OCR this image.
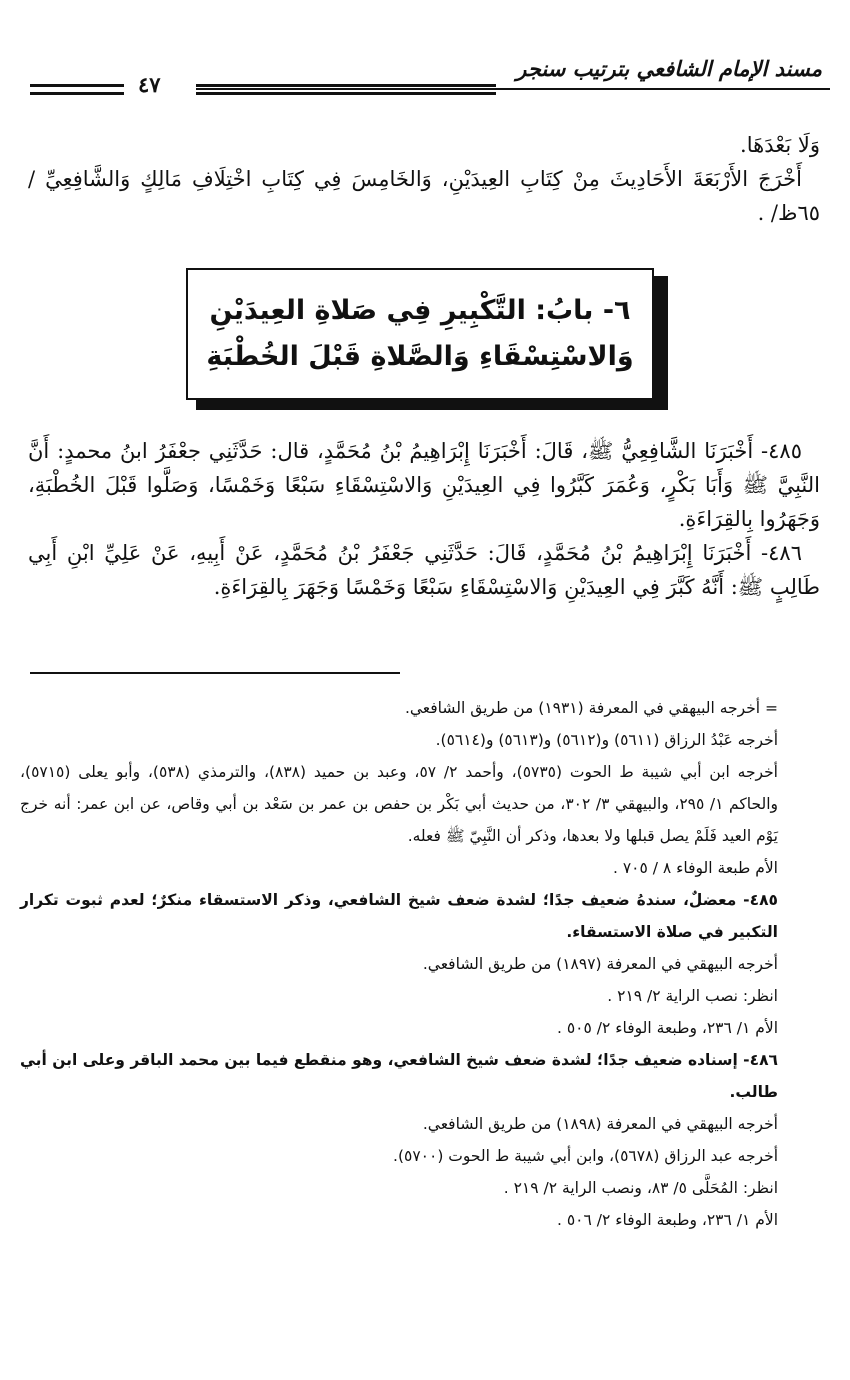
مسند الإمام الشافعي بترتيب سنجر
٤٧

وَلَا بَعْدَهَا.

أَخْرَجَ الأَرْبَعَةَ الأَحَادِيثَ مِنْ كِتَابِ العِيدَيْنِ، وَالخَامِسَ فِي كِتَابِ اخْتِلَافِ مَالِكٍ وَالشَّافِعِيِّ / ٦٥ظ/ .

٦- بابُ: التَّكْبِيرِ فِي صَلاةِ العِيدَيْنِ
وَالاسْتِسْقَاءِ وَالصَّلاةِ قَبْلَ الخُطْبَةِ

٤٨٥- أَخْبَرَنَا الشَّافِعِيُّ ﷺ، قَالَ: أَخْبَرَنَا إِبْرَاهِيمُ بْنُ مُحَمَّدٍ، قال: حَدَّثَنِي جعْفَرُ ابنُ محمدٍ: أَنَّ النَّبِيَّ ﷺ وَأَبَا بَكْرٍ، وَعُمَرَ كَبَّرُوا فِي العِيدَيْنِ وَالاسْتِسْقَاءِ سَبْعًا وَخَمْسًا، وَصَلَّوا قَبْلَ الخُطْبَةِ، وَجَهَرُوا بِالقِرَاءَةِ.

٤٨٦- أَخْبَرَنَا إِبْرَاهِيمُ بْنُ مُحَمَّدٍ، قَالَ: حَدَّثَنِي جَعْفَرُ بْنُ مُحَمَّدٍ، عَنْ أَبِيهِ، عَنْ عَلِيِّ ابْنِ أَبِي طَالِبٍ ﷺ: أَنَّهُ كَبَّرَ فِي العِيدَيْنِ وَالاسْتِسْقَاءِ سَبْعًا وَخَمْسًا وَجَهَرَ بِالقِرَاءَةِ.

= أخرجه البيهقي في المعرفة (١٩٣١) من طريق الشافعي.

أخرجه عَبْدُ الرزاق (٥٦١١) و(٥٦١٢) و(٥٦١٣) و(٥٦١٤).

أخرجه ابن أبي شيبة ط الحوت (٥٧٣٥)، وأحمد ٢/ ٥٧، وعبد بن حميد (٨٣٨)، والترمذي (٥٣٨)، وأبو يعلى (٥٧١٥)، والحاكم ١/ ٢٩٥، والبيهقي ٣/ ٣٠٢، من حديث أبي بَكْر بن حفص بن عمر بن سَعْد بن أبي وقاص، عن ابن عمر: أنه خرج يَوْم العيد فَلَمْ يصل قبلها ولا بعدها، وذكر أن النَّبِيّ ﷺ فعله.

الأم طبعة الوفاء ٨ / ٧٠٥ .

٤٨٥- معضلٌ، سندهُ ضعيف جدًا؛ لشدة ضعف شيخ الشافعي، وذكر الاستسقاء منكرٌ؛ لعدم ثبوت تكرار التكبير في صلاة الاستسقاء.

أخرجه البيهقي في المعرفة (١٨٩٧) من طريق الشافعي.

انظر: نصب الراية ٢/ ٢١٩ .

الأم ١/ ٢٣٦، وطبعة الوفاء ٢/ ٥٠٥ .

٤٨٦- إسناده ضعيف جدًا؛ لشدة ضعف شيخ الشافعي، وهو منقطع فيما بين محمد الباقر وعلى ابن أبي طالب.

أخرجه البيهقي في المعرفة (١٨٩٨) من طريق الشافعي.

أخرجه عبد الرزاق (٥٦٧٨)، وابن أبي شيبة ط الحوت (٥٧٠٠).

انظر: المُحَلَّى ٥/ ٨٣، ونصب الراية ٢/ ٢١٩ .

الأم ١/ ٢٣٦، وطبعة الوفاء ٢/ ٥٠٦ .
